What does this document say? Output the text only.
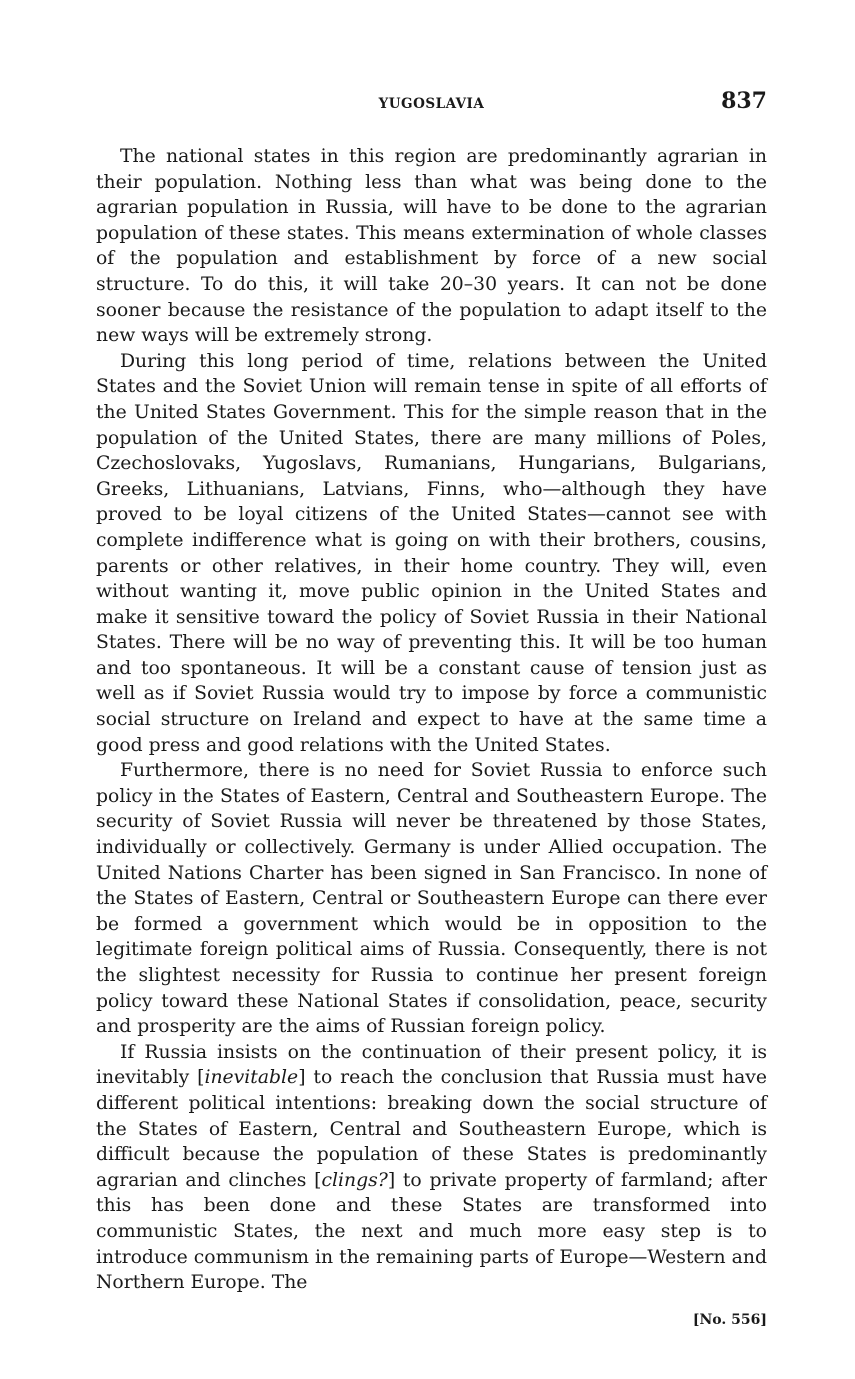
YUGOSLAVIA	837

The national states in this region are predominantly agrarian in their population. Nothing less than what was being done to the agrarian population in Russia, will have to be done to the agrarian population of these states. This means extermination of whole classes of the population and establishment by force of a new social structure. To do this, it will take 20–30 years. It can not be done sooner because the resistance of the population to adapt itself to the new ways will be extremely strong.

During this long period of time, relations between the United States and the Soviet Union will remain tense in spite of all efforts of the United States Government. This for the simple reason that in the population of the United States, there are many millions of Poles, Czechoslovaks, Yugoslavs, Rumanians, Hungarians, Bulgarians, Greeks, Lithuanians, Latvians, Finns, who—although they have proved to be loyal citizens of the United States—cannot see with complete indifference what is going on with their brothers, cousins, parents or other relatives, in their home country. They will, even without wanting it, move public opinion in the United States and make it sensitive toward the policy of Soviet Russia in their National States. There will be no way of preventing this. It will be too human and too spontaneous. It will be a constant cause of tension just as well as if Soviet Russia would try to impose by force a communistic social structure on Ireland and expect to have at the same time a good press and good relations with the United States.

Furthermore, there is no need for Soviet Russia to enforce such policy in the States of Eastern, Central and Southeastern Europe. The security of Soviet Russia will never be threatened by those States, individually or collectively. Germany is under Allied occupation. The United Nations Charter has been signed in San Francisco. In none of the States of Eastern, Central or Southeastern Europe can there ever be formed a government which would be in opposition to the legitimate foreign political aims of Russia. Consequently, there is not the slightest necessity for Russia to continue her present foreign policy toward these National States if consolidation, peace, security and prosperity are the aims of Russian foreign policy.

If Russia insists on the continuation of their present policy, it is inevitably [inevitable] to reach the conclusion that Russia must have different political intentions: breaking down the social structure of the States of Eastern, Central and Southeastern Europe, which is difficult because the population of these States is predominantly agrarian and clinches [clings?] to private property of farmland; after this has been done and these States are transformed into communistic States, the next and much more easy step is to introduce communism in the remaining parts of Europe—Western and Northern Europe. The

[No. 556]
